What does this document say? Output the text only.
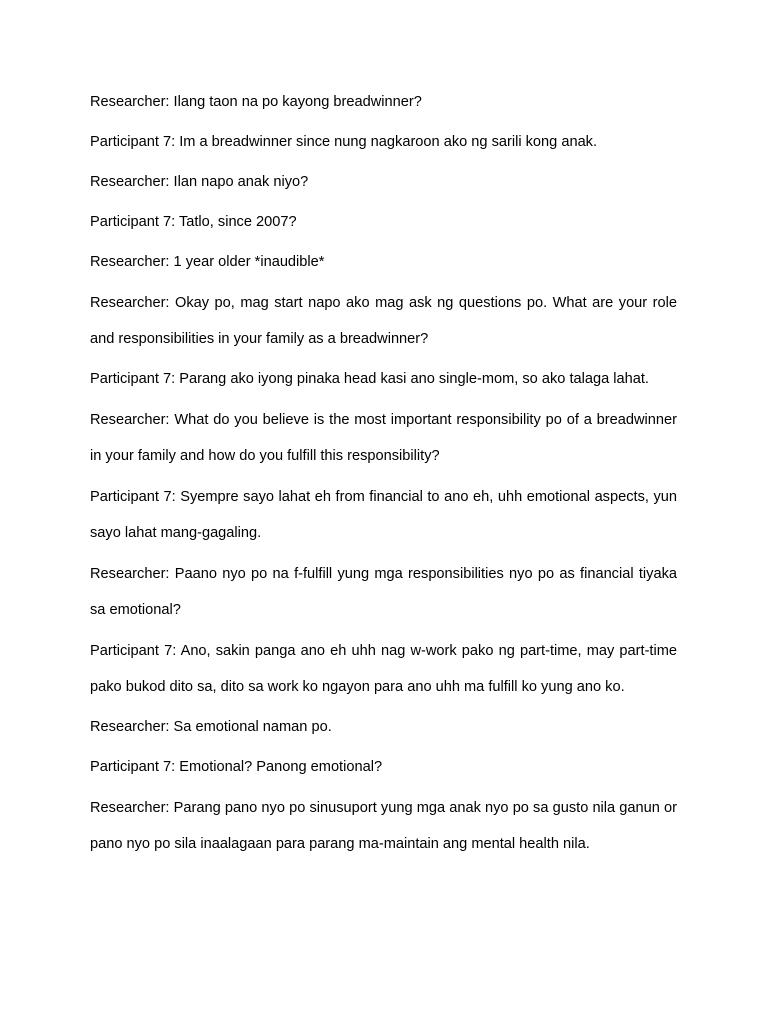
Researcher: Ilang taon na po kayong breadwinner?

Participant 7: Im a breadwinner since nung nagkaroon ako ng sarili kong anak.

Researcher: Ilan napo anak niyo?

Participant 7: Tatlo, since 2007?

Researcher: 1 year older *inaudible*

Researcher: Okay po, mag start napo ako mag ask ng questions po. What are your role and responsibilities in your family as a breadwinner?

Participant 7: Parang ako iyong pinaka head kasi ano single-mom, so ako talaga lahat.

Researcher: What do you believe is the most important responsibility po of a breadwinner in your family and how do you fulfill this responsibility?

Participant 7: Syempre sayo lahat eh from financial to ano eh, uhh emotional aspects, yun sayo lahat mang-gagaling.

Researcher: Paano nyo po na f-fulfill yung mga responsibilities nyo po as financial tiyaka sa emotional?

Participant 7: Ano, sakin panga ano eh uhh nag w-work pako ng part-time, may part-time pako bukod dito sa, dito sa work ko ngayon para ano uhh ma fulfill ko yung ano ko.

Researcher: Sa emotional naman po.

Participant 7: Emotional? Panong emotional?

Researcher: Parang pano nyo po sinusuport yung mga anak nyo po sa gusto nila ganun or pano nyo po sila inaalagaan para parang ma-maintain ang mental health nila.
